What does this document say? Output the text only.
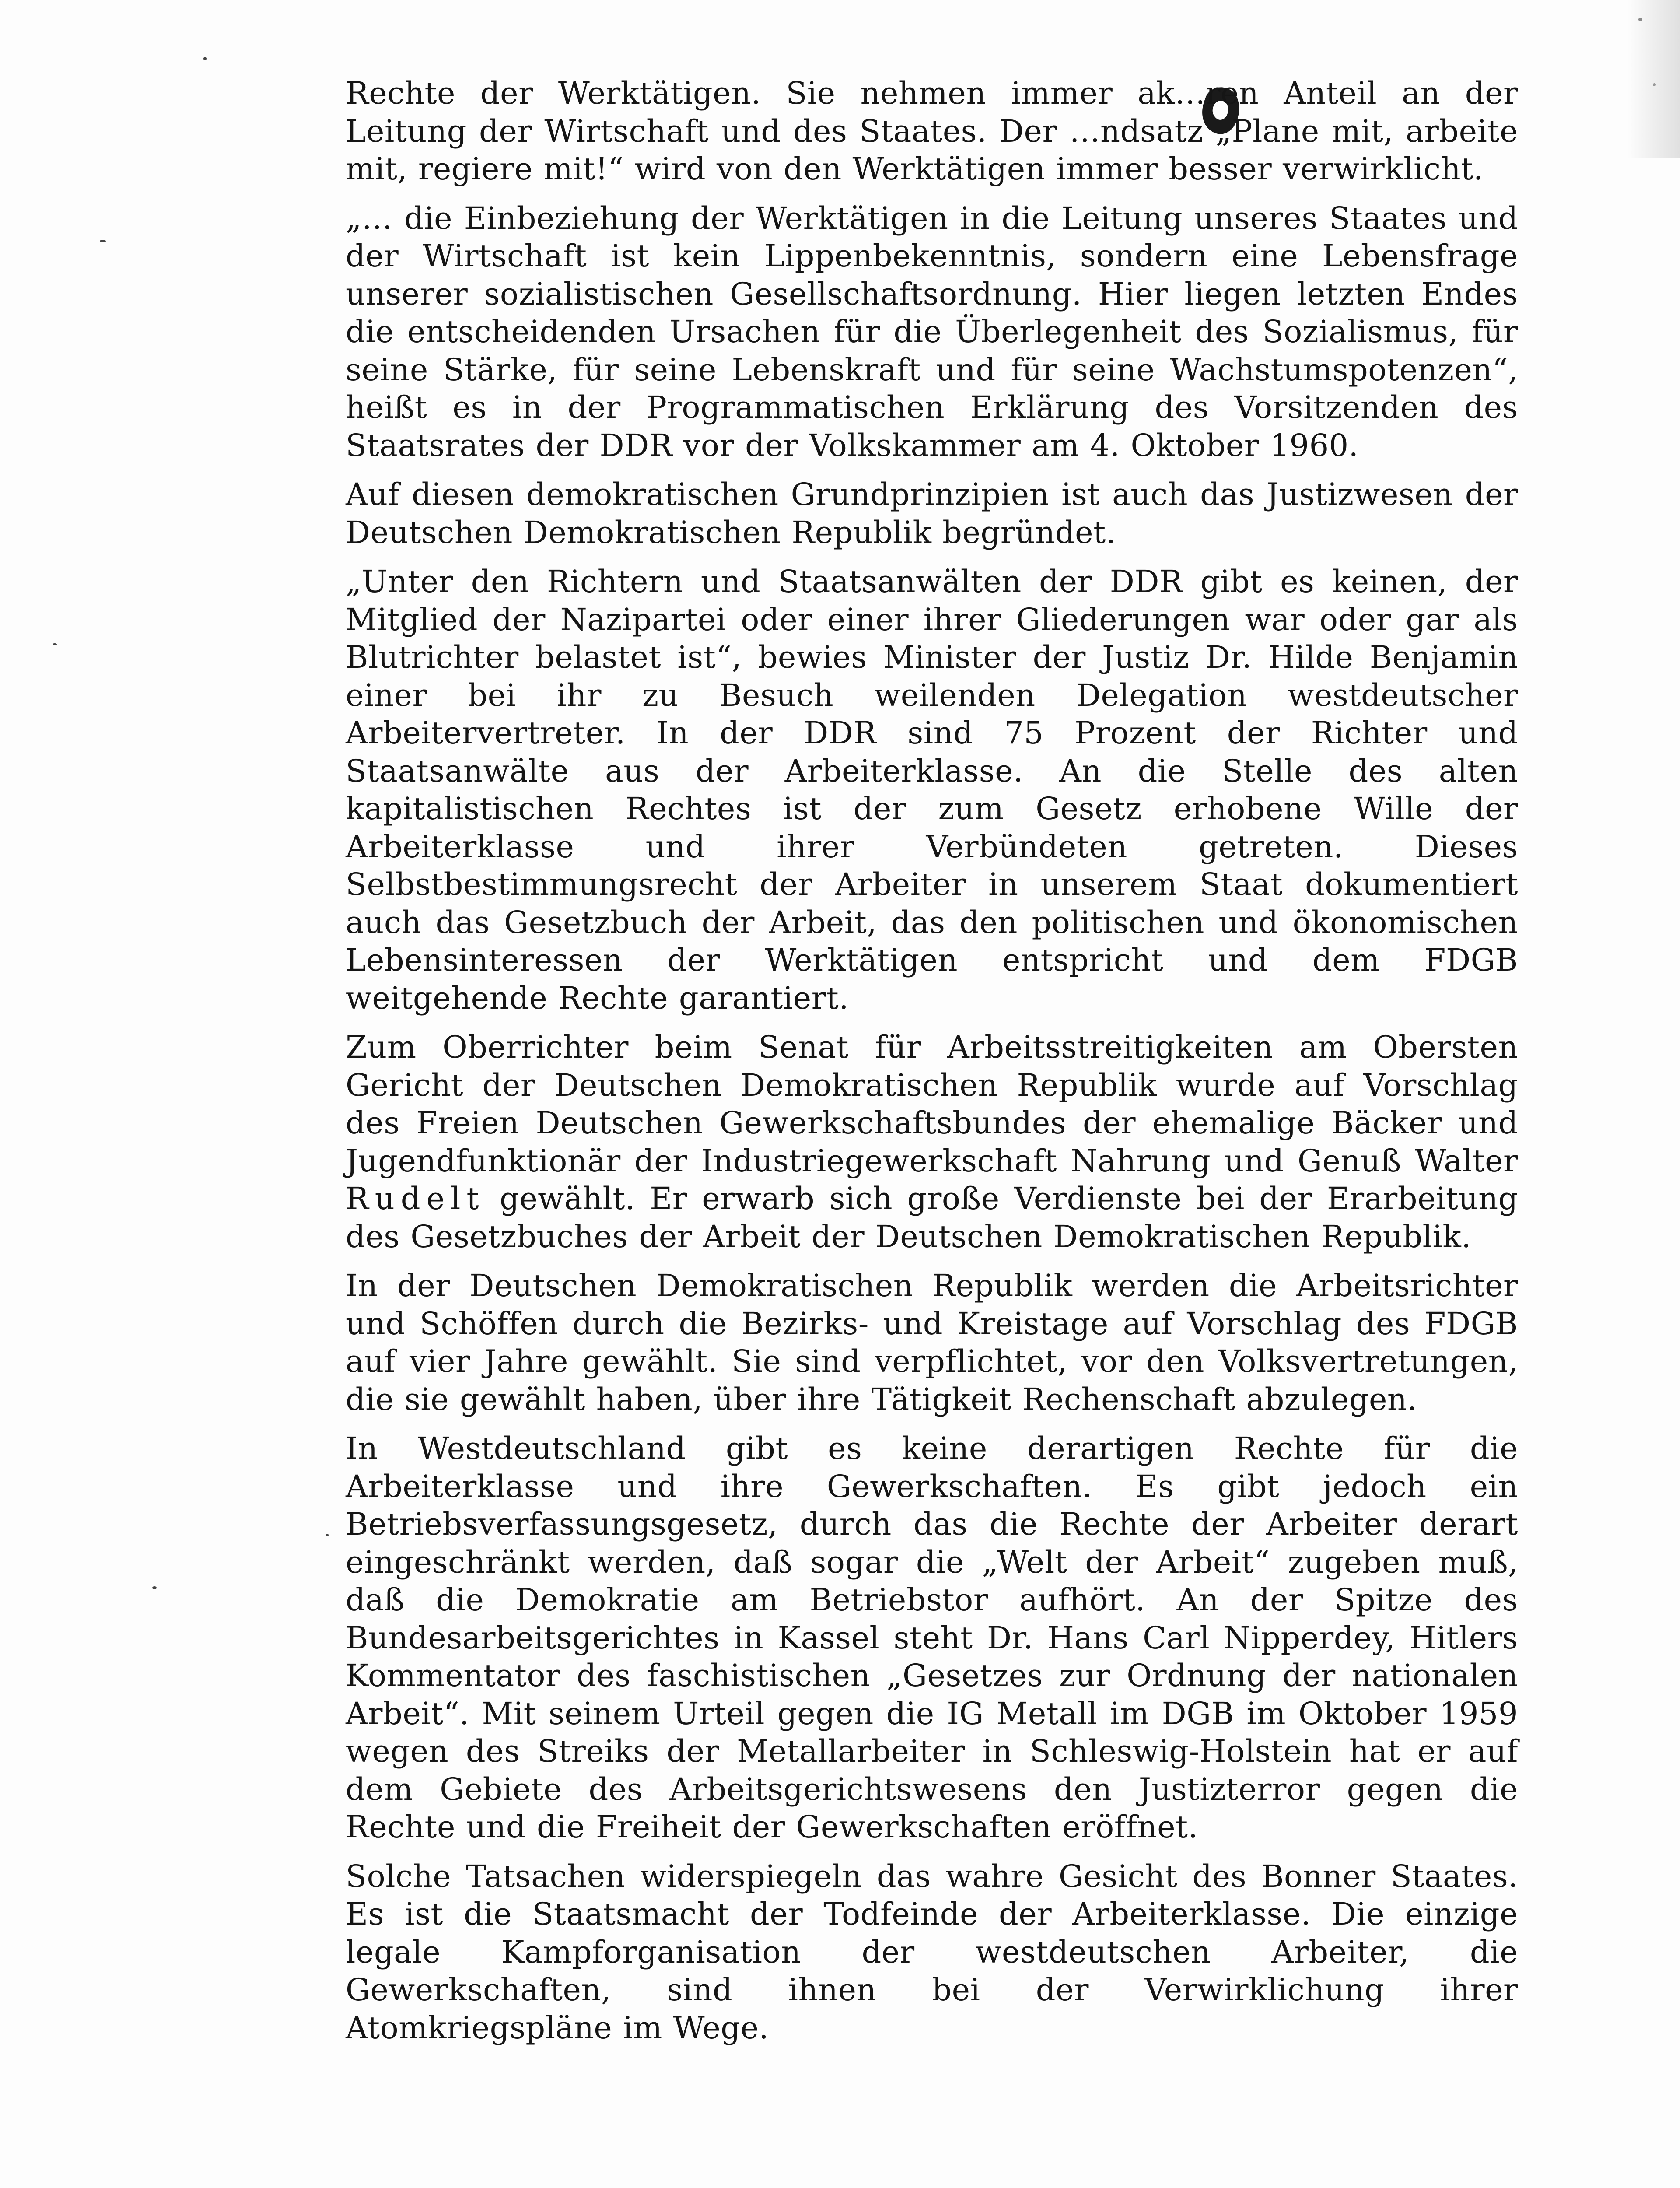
Rechte der Werktätigen. Sie nehmen immer ak…ren Anteil an der Leitung der Wirtschaft und des Staates. Der …ndsatz „Plane mit, arbeite mit, regiere mit!“ wird von den Werktätigen immer besser verwirklicht.

„… die Einbeziehung der Werktätigen in die Leitung unseres Staates und der Wirtschaft ist kein Lippenbekenntnis, sondern eine Lebensfrage unserer sozialistischen Gesellschaftsordnung. Hier liegen letzten Endes die entscheidenden Ursachen für die Überlegenheit des Sozialismus, für seine Stärke, für seine Lebenskraft und für seine Wachstumspotenzen“, heißt es in der Programmatischen Erklärung des Vorsitzenden des Staatsrates der DDR vor der Volkskammer am 4. Oktober 1960.

Auf diesen demokratischen Grundprinzipien ist auch das Justizwesen der Deutschen Demokratischen Republik begründet.

„Unter den Richtern und Staatsanwälten der DDR gibt es keinen, der Mitglied der Nazipartei oder einer ihrer Gliederungen war oder gar als Blutrichter belastet ist“, bewies Minister der Justiz Dr. Hilde Benjamin einer bei ihr zu Besuch weilenden Delegation westdeutscher Arbeitervertreter. In der DDR sind 75 Prozent der Richter und Staatsanwälte aus der Arbeiterklasse. An die Stelle des alten kapitalistischen Rechtes ist der zum Gesetz erhobene Wille der Arbeiterklasse und ihrer Verbündeten getreten. Dieses Selbstbestimmungsrecht der Arbeiter in unserem Staat dokumentiert auch das Gesetzbuch der Arbeit, das den politischen und ökonomischen Lebensinteressen der Werktätigen entspricht und dem FDGB weitgehende Rechte garantiert.

Zum Oberrichter beim Senat für Arbeitsstreitigkeiten am Obersten Gericht der Deutschen Demokratischen Republik wurde auf Vorschlag des Freien Deutschen Gewerkschaftsbundes der ehemalige Bäcker und Jugendfunktionär der Industriegewerkschaft Nahrung und Genuß Walter Rudelt gewählt. Er erwarb sich große Verdienste bei der Erarbeitung des Gesetzbuches der Arbeit der Deutschen Demokratischen Republik.

In der Deutschen Demokratischen Republik werden die Arbeitsrichter und Schöffen durch die Bezirks- und Kreistage auf Vorschlag des FDGB auf vier Jahre gewählt. Sie sind verpflichtet, vor den Volksvertretungen, die sie gewählt haben, über ihre Tätigkeit Rechenschaft abzulegen.

In Westdeutschland gibt es keine derartigen Rechte für die Arbeiterklasse und ihre Gewerkschaften. Es gibt jedoch ein Betriebsverfassungsgesetz, durch das die Rechte der Arbeiter derart eingeschränkt werden, daß sogar die „Welt der Arbeit“ zugeben muß, daß die Demokratie am Betriebstor aufhört. An der Spitze des Bundesarbeitsgerichtes in Kassel steht Dr. Hans Carl Nipperdey, Hitlers Kommentator des faschistischen „Gesetzes zur Ordnung der nationalen Arbeit“. Mit seinem Urteil gegen die IG Metall im DGB im Oktober 1959 wegen des Streiks der Metallarbeiter in Schleswig-Holstein hat er auf dem Gebiete des Arbeitsgerichtswesens den Justizterror gegen die Rechte und die Freiheit der Gewerkschaften eröffnet.

Solche Tatsachen widerspiegeln das wahre Gesicht des Bonner Staates. Es ist die Staatsmacht der Todfeinde der Arbeiterklasse. Die einzige legale Kampforganisation der westdeutschen Arbeiter, die Gewerkschaften, sind ihnen bei der Verwirklichung ihrer Atomkriegspläne im Wege.
